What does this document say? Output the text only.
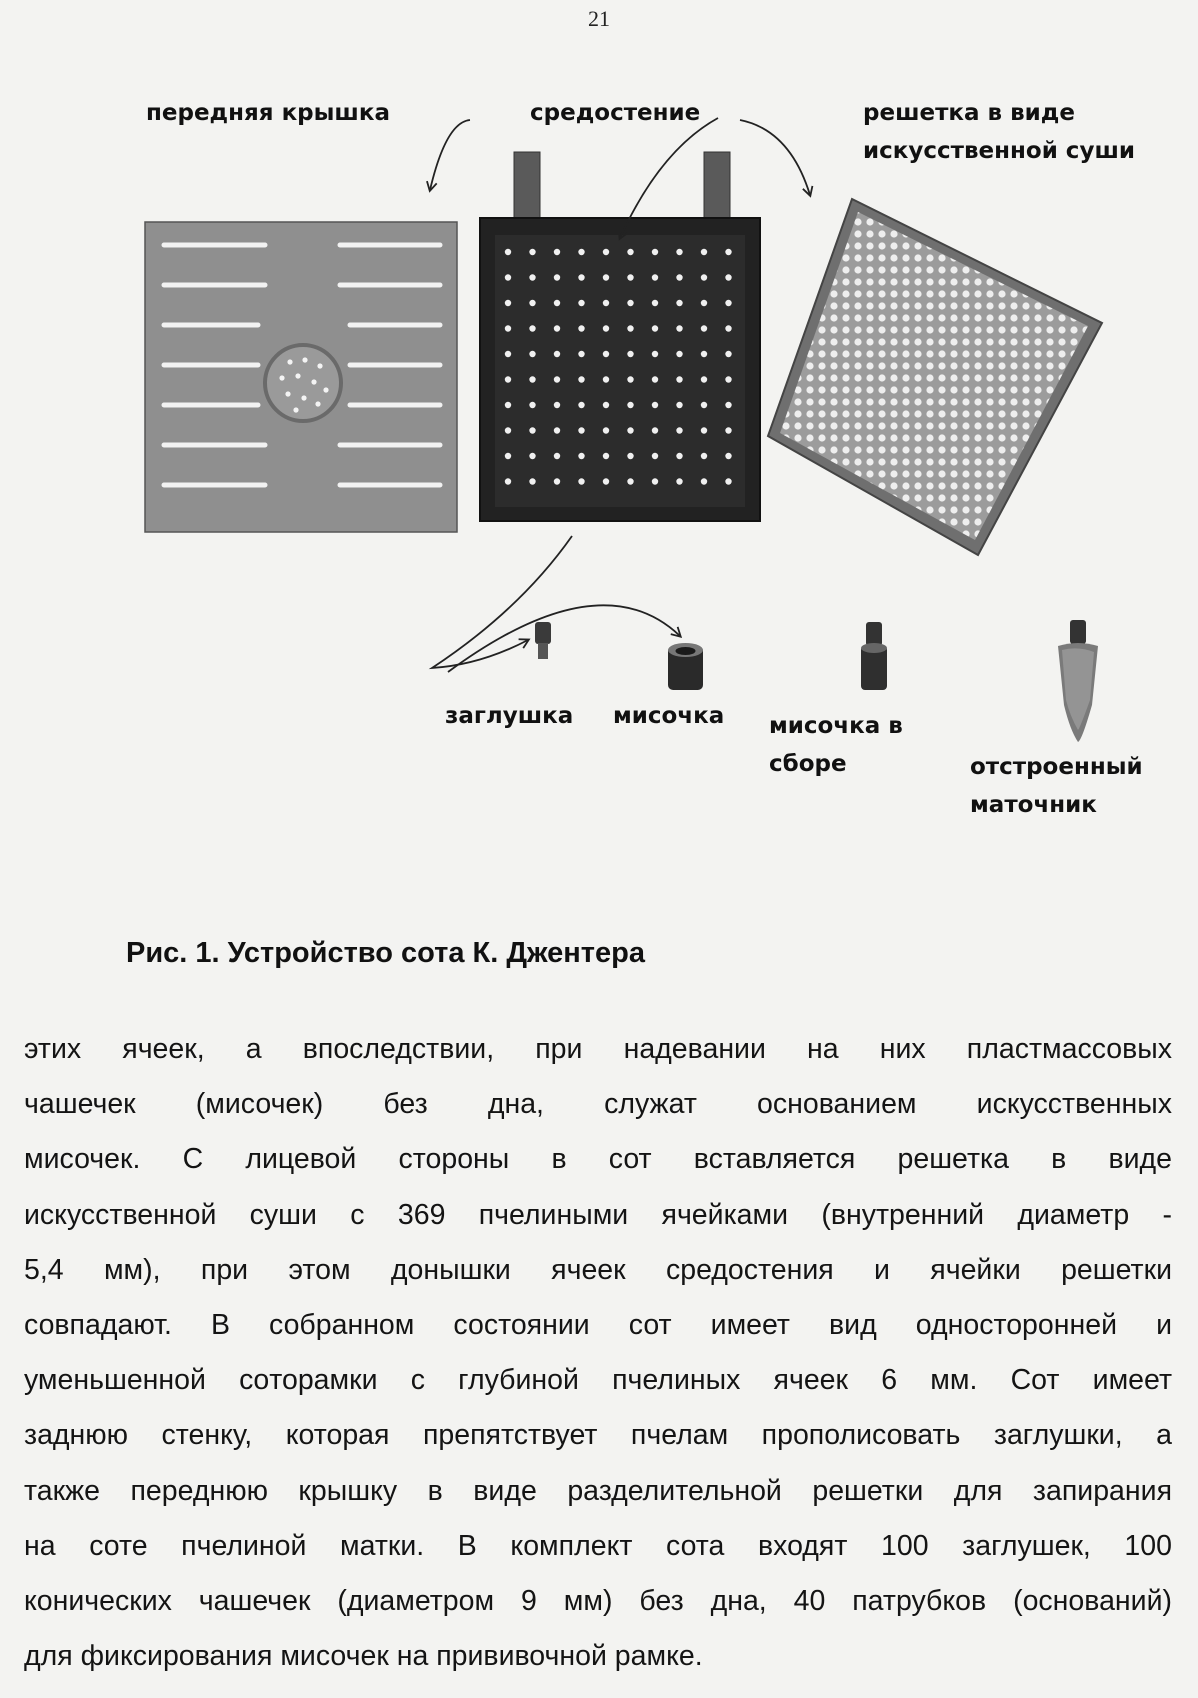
21
передняя крышка	средостение	решетка в виде
искусственной суши
заглушка мисочка мисочка в
сборе	отстроенный
маточник
Рис. 1. Устройство сота К. Джентера
этих ячеек, а впоследствии, при надевании на них пластмассовых
чашечек (мисочек) без дна, служат основанием искусственных
мисочек. С лицевой стороны в сот вставляется решетка в виде
искусственной суши с 369 пчелиными ячейками (внутренний диаметр -
5,4 мм), при этом донышки ячеек средостения и ячейки решетки
совпадают. В собранном состоянии сот имеет вид односторонней и
уменьшенной сoторамки с глубиной пчелиных ячеек 6 мм. Сот имеет
заднюю стенку, которая препятствует пчелам прополисовать заглушки, а
также переднюю крышку в виде разделительной решетки для запирания
на соте пчелиной матки. В комплект сота входят 100 заглушек, 100
конических чашечек (диаметром 9 мм) без дна, 40 патрубков (оснований)
для фиксирования мисочек на прививочной рамке.
